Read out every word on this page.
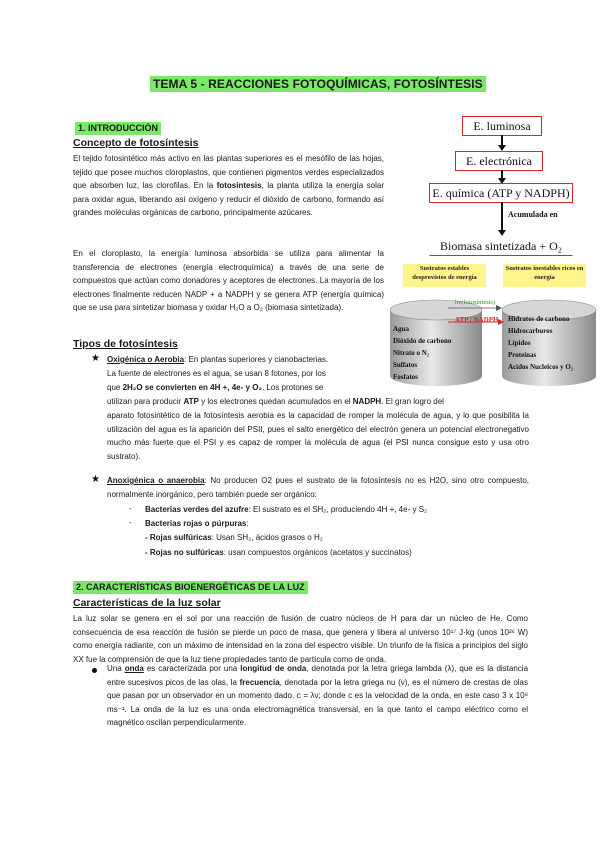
TEMA 5 - REACCIONES FOTOQUÍMICAS, FOTOSÍNTESIS
1. INTRODUCCIÓN
Concepto de fotosíntesis

El tejido fotosintético más activo en las plantas superiores es el mesófilo de las hojas, tejido que posee muchos cloroplastos, que contienen pigmentos verdes especializados que absorben luz, las clorofilas. En la fotosíntesis, la planta utiliza la energía solar para oxidar agua, liberando así oxígeno y reducir el dióxido de carbono, formando así grandes moléculas orgánicas de carbono, principalmente azúcares.

En el cloroplasto, la energía luminosa absorbida se utiliza para alimentar la transferencia de electrones (energía electroquímica) a través de una serie de compuestos que actúan como donadores y aceptores de electrones. La mayoría de los electrones finalmente reducen NADP + a NADPH y se genera ATP (energía química) que se usa para sintetizar biomasa y oxidar H₂O a O₂ (biomasa sintetizada).

Tipos de fotosíntesis
★ Oxigénica o Aerobia: En plantas superiores y cianobacterias.
La fuente de electrones es el agua, se usan 8 fotones, por los
que 2H₂O se convierten en 4H +, 4e- y O₂. Los protones se
utilizan para producir ATP y los electrones quedan acumulados en el NADPH. El gran logro del

aparato fotosintético de la fotosíntesis aerobia es la capacidad de romper la molécula de agua, y lo que posibilita la utilización del agua es la aparición del PSII, pues el salto energético del electrón genera un potencial electronegativo mucho más fuerte que el PSI y es capaz de romper la molécula de agua (el PSI nunca consigue esto y usa otro sustrato).

★ Anoxigénica o anaerobia: No producen O2 pues el sustrato de la fotosíntesis no es H2O, sino otro compuesto, normalmente inorgánico, pero también puede ser orgánico:

- Bacterias verdes del azufre: El sustrato es el SH₂, produciendo 4H +, 4e- y S₂
- Bacterias rojas o púrpuras:
- Rojas sulfúricas: Usan SH₂, ácidos grasos o H₂
- Rojas no sulfúricas: usan compuestos orgánicos (acetatos y succinatos)
2. CARACTERÍSTICAS BIOENERGÉTICAS DE LA LUZ
Características de la luz solar

La luz solar se genera en el sol por una reacción de fusión de cuatro núcleos de H para dar un núcleo de He. Como consecuencia de esa reacción de fusión se pierde un poco de masa, que genera y libera al universo 10¹⁷ J·kg (unos 10²⁶ W) como energía radiante, con un máximo de intensidad en la zona del espectro visible. Un triunfo de la física a principios del siglo XX fue la comprensión de que la luz tiene propiedades tanto de partícula como de onda.

Una onda es caracterizada por una longitud de onda, denotada por la letra griega lambda (λ), que es la distancia entre sucesivos picos de las olas, la frecuencia, denotada por la letra griega nu (ν), es el número de crestas de olas que pasan por un observador en un momento dado. c = λν; donde c es la velocidad de la onda, en este caso 3 x 10⁸ ms⁻¹. La onda de la luz es una onda electromagnética transversal, en la que tanto el campo eléctrico como el magnético oscilan perpendicularmente.

E. luminosa
E. electrónica
E. química (ATP y NADPH)
Acumulada en
Biomasa sintetizada + O₂
Sustratos estables desprovistos de energía
Sustratos inestables ricos en energía
hν(fotosíntesis)
ATP / NADPH
Agua
Dióxido de carbono
Nitrato o N₂
Sulfatos
Fosfatos
Hidratos de carbono
Hidrocarburos
Lípidos
Proteínas
Acidos Nucleicos y O₂
